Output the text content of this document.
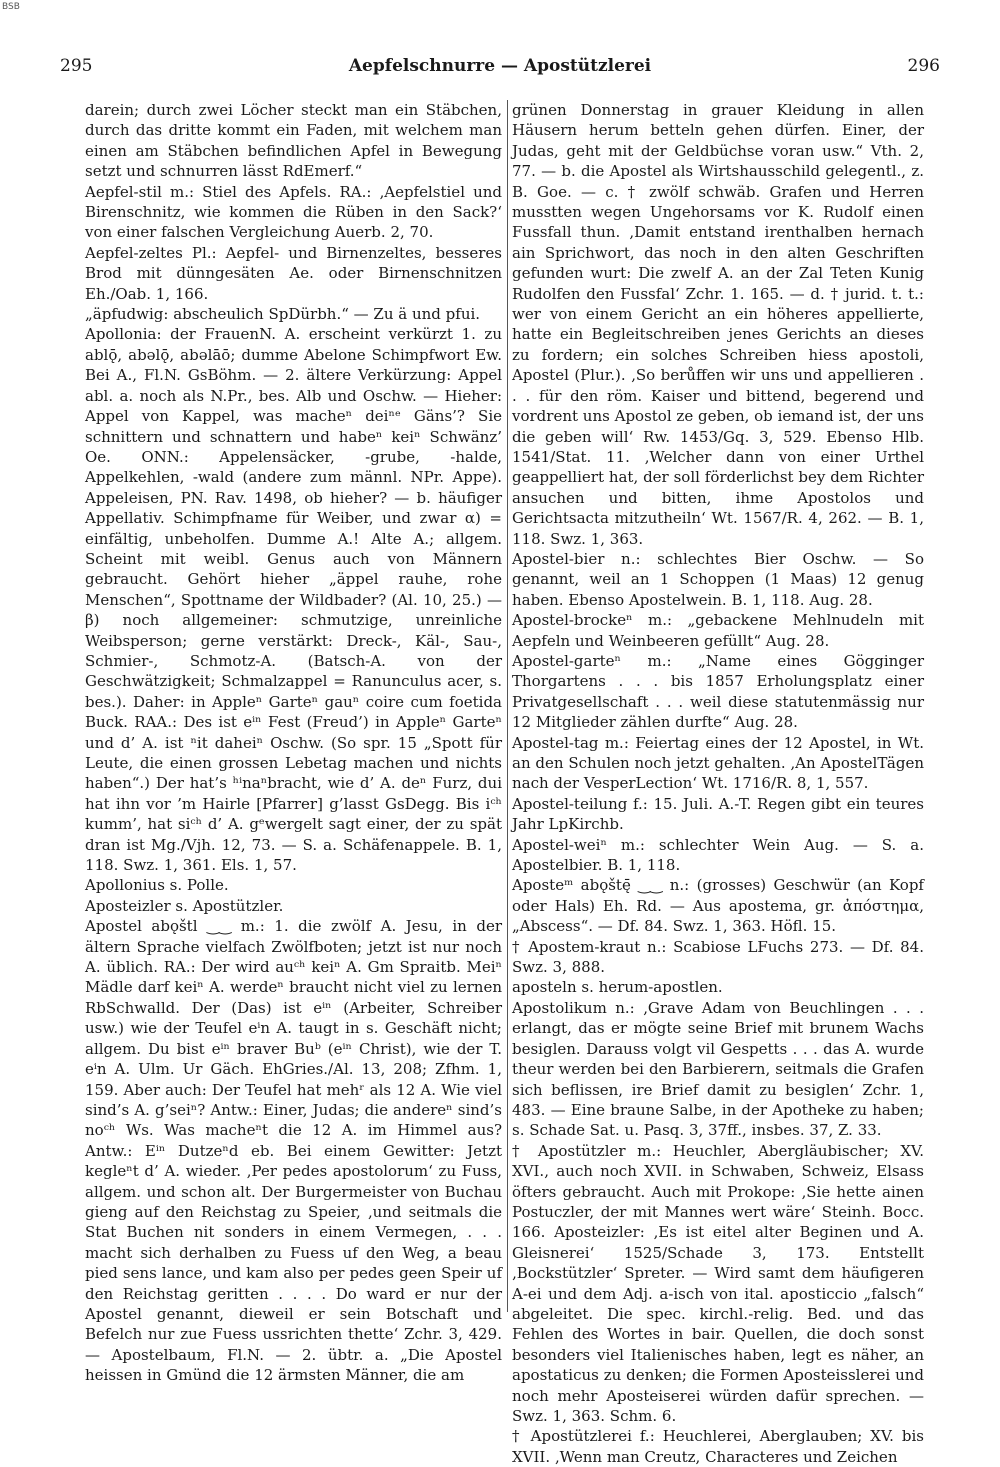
BSB
295	Aepfelschnurre — Apostützlerei	296

darein; durch zwei Löcher steckt man ein Stäbchen, durch das dritte kommt ein Faden, mit welchem man einen am Stäbchen befindlichen Apfel in Bewegung setzt und schnurren lässt RdEmerf.“

Aepfel-stil m.: Stiel des Apfels. RA.: ‚Aepfelstiel und Birenschnitz, wie kommen die Rüben in den Sack?‘ von einer falschen Vergleichung Auerb. 2, 70.

Aepfel-zeltes Pl.: Aepfel- und Birnenzeltes, besseres Brod mit dünngesäten Ae. oder Birnenschnitzen Eh./Oab. 1, 166.

„äpfudwig: abscheulich SpDürbh.“ — Zu ä und pfui.

Apollonia: der FrauenN. A. erscheint verkürzt 1. zu ablǭ, abəlǭ, abəlāō; dumme Abelone Schimpfwort Ew. Bei A., Fl.N. GsBöhm. — 2. ältere Verkürzung: Appel abl. a. noch als N.Pr., bes. Alb und Oschw. — Hieher: Appel von Kappel, was macheⁿ deiⁿᵉ Gäns’? Sie schnittern und schnattern und habeⁿ keiⁿ Schwänz’ Oe. ONN.: Appelensäcker, -grube, -halde, Appelkehlen, -wald (andere zum männl. NPr. Appe). Appeleisen, PN. Rav. 1498, ob hieher? — b. häufiger Appellativ. Schimpfname für Weiber, und zwar α) = einfältig, unbeholfen. Dumme A.! Alte A.; allgem. Scheint mit weibl. Genus auch von Männern gebraucht. Gehört hieher „äppel rauhe, rohe Menschen“, Spottname der Wildbader? (Al. 10, 25.) — β) noch allgemeiner: schmutzige, unreinliche Weibsperson; gerne verstärkt: Dreck-, Käl-, Sau-, Schmier-, Schmotz-A. (Batsch-A. von der Geschwätzigkeit; Schmalzappel = Ranunculus acer, s. bes.). Daher: in Appleⁿ Garteⁿ gauⁿ coire cum foetida Buck. RAA.: Des ist eⁱⁿ Fest (Freud’) in Appleⁿ Garteⁿ und d’ A. ist ⁿit daheiⁿ Oschw. (So spr. 15 „Spott für Leute, die einen grossen Lebetag machen und nichts haben“.) Der hat’s ʰⁱnaⁿbracht, wie d’ A. deⁿ Furz, dui hat ihn vor ’m Hairle [Pfarrer] g’lasst GsDegg. Bis iᶜʰ kumm’, hat siᶜʰ d’ A. gᵉwergelt sagt einer, der zu spät dran ist Mg./Vjh. 12, 73. — S. a. Schäfenappele. B. 1, 118. Swz. 1, 361. Els. 1, 57.

Apollonius s. Polle.

Aposteizler s. Apostützler.

Apostel abǫštl ‿‿ m.: 1. die zwölf A. Jesu, in der ältern Sprache vielfach Zwölfboten; jetzt ist nur noch A. üblich. RA.: Der wird auᶜʰ keiⁿ A. Gm Spraitb. Meiⁿ Mädle darf keiⁿ A. werdeⁿ braucht nicht viel zu lernen RbSchwalld. Der (Das) ist eⁱⁿ (Arbeiter, Schreiber usw.) wie der Teufel eⁱn A. taugt in s. Geschäft nicht; allgem. Du bist eⁱⁿ braver Buᵇ (eⁱⁿ Christ), wie der T. eⁱn A. Ulm. Ur Gäch. EhGries./Al. 13, 208; Zfhm. 1, 159. Aber auch: Der Teufel hat mehʳ als 12 A. Wie viel sind’s A. g’seiⁿ? Antw.: Einer, Judas; die andereⁿ sind’s noᶜʰ Ws. Was macheⁿt die 12 A. im Himmel aus? Antw.: Eⁱⁿ Dutzeⁿd eb. Bei einem Gewitter: Jetzt kegleⁿt d’ A. wieder. ‚Per pedes apostolorum‘ zu Fuss, allgem. und schon alt. Der Burgermeister von Buchau gieng auf den Reichstag zu Speier, ‚und seitmals die Stat Buchen nit sonders in einem Vermegen, . . . macht sich derhalben zu Fuess uf den Weg, a beau pied sens lance, und kam also per pedes geen Speir uf den Reichstag geritten . . . . Do ward er nur der Apostel genannt, dieweil er sein Botschaft und Befelch nur zue Fuess ussrichten thette‘ Zchr. 3, 429. — Apostelbaum, Fl.N. — 2. übtr. a. „Die Apostel heissen in Gmünd die 12 ärmsten Männer, die am

grünen Donnerstag in grauer Kleidung in allen Häusern herum betteln gehen dürfen. Einer, der Judas, geht mit der Geldbüchse voran usw.“ Vth. 2, 77. — b. die Apostel als Wirtshausschild gelegentl., z. B. Goe. — c. † zwölf schwäb. Grafen und Herren musstten wegen Ungehorsams vor K. Rudolf einen Fussfall thun. ‚Damit entstand irenthalben hernach ain Sprichwort, das noch in den alten Geschriften gefunden wurt: Die zwelf A. an der Zal Teten Kunig Rudolfen den Fussfal‘ Zchr. 1. 165. — d. † jurid. t. t.: wer von einem Gericht an ein höheres appellierte, hatte ein Begleitschreiben jenes Gerichts an dieses zu fordern; ein solches Schreiben hiess apostoli, Apostel (Plur.). ‚So berůffen wir uns und appellieren . . . für den röm. Kaiser und bittend, begerend und vordrent uns Apostol ze geben, ob iemand ist, der uns die geben will‘ Rw. 1453/Gq. 3, 529. Ebenso Hlb. 1541/Stat. 11. ‚Welcher dann von einer Urthel geappelliert hat, der soll förderlichst bey dem Richter ansuchen und bitten, ihme Apostolos und Gerichtsacta mitzutheiln‘ Wt. 1567/R. 4, 262. — B. 1, 118. Swz. 1, 363.

Apostel-bier n.: schlechtes Bier Oschw. — So genannt, weil an 1 Schoppen (1 Maas) 12 genug haben. Ebenso Apostelwein. B. 1, 118. Aug. 28.

Apostel-brockeⁿ m.: „gebackene Mehlnudeln mit Aepfeln und Weinbeeren gefüllt“ Aug. 28.

Apostel-garteⁿ m.: „Name eines Gögginger Thorgartens . . . bis 1857 Erholungsplatz einer Privatgesellschaft . . . weil diese statutenmässig nur 12 Mitglieder zählen durfte“ Aug. 28.

Apostel-tag m.: Feiertag eines der 12 Apostel, in Wt. an den Schulen noch jetzt gehalten. ‚An ApostelTägen nach der VesperLection‘ Wt. 1716/R. 8, 1, 557.

Apostel-teilung f.: 15. Juli. A.-T. Regen gibt ein teures Jahr LpKirchb.

Apostel-weiⁿ m.: schlechter Wein Aug. — S. a. Apostelbier. B. 1, 118.

Aposteᵐ abǫštę̄ ‿‿ n.: (grosses) Geschwür (an Kopf oder Hals) Eh. Rd. — Aus apostema, gr. ἀπόστημα, „Abscess“. — Df. 84. Swz. 1, 363. Höfl. 15.

† Apostem-kraut n.: Scabiose LFuchs 273. — Df. 84. Swz. 3, 888.

aposteln s. herum-apostlen.

Apostolikum n.: ‚Grave Adam von Beuchlingen . . . erlangt, das er mögte seine Brief mit brunem Wachs besiglen. Darauss volgt vil Gespetts . . . das A. wurde theur werden bei den Barbierern, seitmals die Grafen sich beflissen, ire Brief damit zu besiglen‘ Zchr. 1, 483. — Eine braune Salbe, in der Apotheke zu haben; s. Schade Sat. u. Pasq. 3, 37ff., insbes. 37, Z. 33.

† Apostützler m.: Heuchler, Abergläubischer; XV. XVI., auch noch XVII. in Schwaben, Schweiz, Elsass öfters gebraucht. Auch mit Prokope: ‚Sie hette ainen Postuczler, der mit Mannes wert wäre‘ Steinh. Bocc. 166. Aposteizler: ‚Es ist eitel alter Beginen und A. Gleisnerei‘ 1525/Schade 3, 173. Entstellt ‚Bockstützler‘ Spreter. — Wird samt dem häufigeren A-ei und dem Adj. a-isch von ital. aposticcio „falsch“ abgeleitet. Die spec. kirchl.-relig. Bed. und das Fehlen des Wortes in bair. Quellen, die doch sonst besonders viel Italienisches haben, legt es näher, an apostaticus zu denken; die Formen Aposteisslerei und noch mehr Aposteiserei würden dafür sprechen. — Swz. 1, 363. Schm. 6.

† Apostützlerei f.: Heuchlerei, Aberglauben; XV. bis XVII. ‚Wenn man Creutz, Characteres und Zeichen
